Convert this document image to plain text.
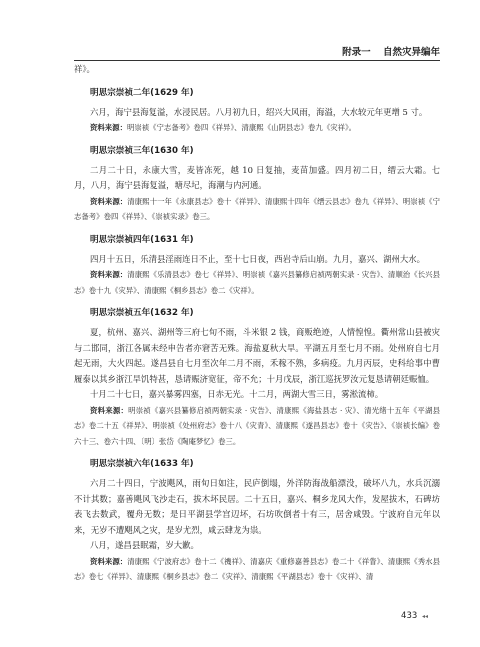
附录一 自然灾异编年

祥》。

明思宗崇祯二年(1629 年)

六月，海宁县海复溢，水浸民居。八月初九日，绍兴大风雨，海溢，大水较元年更增 5 寸。

资料来源：明崇祯《宁志备考》卷四《祥异》、清康熙《山阴县志》卷九《灾祥》。

明思宗崇祯三年(1630 年)

二月二十日，永康大雪，麦皆冻死，越 10 日复抽，麦苗加盛。四月初二日，缙云大霜。七月，八月，海宁县海复溢，塘尽圮，海潮与内河通。

资料来源：清康熙十一年《永康县志》卷十《祥异》、清康熙十四年《缙云县志》卷九《祥异》、明崇祯《宁志备考》卷四《祥异》、《崇祯实录》卷三。

明思宗崇祯四年(1631 年)

四月十五日，乐清县淫雨连日不止，至十七日夜，西岩寺后山崩。九月，嘉兴、湖州大水。

资料来源：清康熙《乐清县志》卷七《祥异》、明崇祯《嘉兴县纂修启祯两朝实录 · 灾告》、清顺治《长兴县志》卷十九《灾异》、清康熙《桐乡县志》卷二《灾祥》。

明思宗崇祯五年(1632 年)

夏，杭州、嘉兴、湖州等三府七旬不雨，斗米银 2 钱，商贩绝迹，人情惶惶。衢州常山县被灾与二邯同，浙江各属未经申告者亦窘苦无殊。海盐夏秋大旱。平湖五月至七月不雨。处州府自七月起无雨，大火四起。遂昌县自七月至次年二月不雨，禾稼不熟，多病疫。九月丙辰，史科给事中曹履泰以其乡浙江旱饥特甚，恳请赈济宽征，帝不允；十月戊辰，浙江巡抚罗汝元复恳请朝廷赈恤。

十月二十七日，嘉兴暴雾四塞，日赤无光。十二月，两湖大雪三日，雾淞流柿。

资料来源：明崇祯《嘉兴县纂修启祯两朝实录 · 灾告》、清康熙《海盐县志 · 灾》、清光绪十五年《平湖县志》卷二十五《祥异》、明崇祯《处州府志》卷十八《灾青》、清康熙《遂昌县志》卷十《灾告》、《崇祯长编》卷六十三、卷六十四、〔明〕张岱《陶庵梦忆》卷三。

明思宗崇祯六年(1633 年)

六月二十四日，宁波飓风，雨旬日如注，民庐倒塌，外洋防海战船漂没，破坏八九，水兵沉溺不计其数；嘉善飓风飞沙走石，拔木坏民居。二十五日，嘉兴、桐乡龙风大作，发屋拔木，石碑坊表飞去数武，覆舟无数；是日平湖县学宫辺坏，石坊吹倒者十有三，居舍咸毁。宁波府自元年以来，无岁不遭飓风之灾，是岁尤烈，咸云肆龙为祟。

八月，遂昌县眠霜，岁大歉。

资料来源：清康熙《宁波府志》卷十二《禨祥》、清嘉庆《重修嘉善县志》卷二十《祥眚》、清康熙《秀水县志》卷七《祥异》、清康熙《桐乡县志》卷二《灾祥》、清康熙《平湖县志》卷十《灾祥》、清

433 ◂◂
